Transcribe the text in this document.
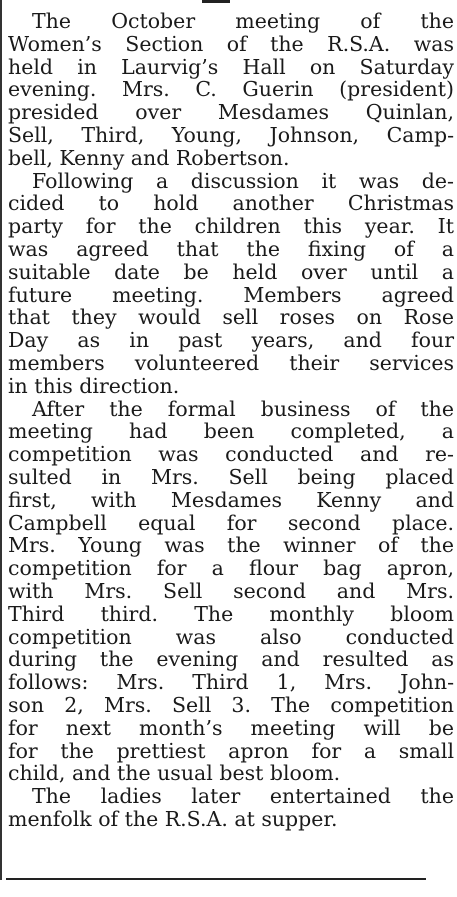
The October meeting of the
Women’s Section of the R.S.A. was
held in Laurvig’s Hall on Saturday
evening. Mrs. C. Guerin (president)
presided over Mesdames Quinlan,
Sell, Third, Young, Johnson, Camp-
bell, Kenny and Robertson.

Following a discussion it was de-
cided to hold another Christmas
party for the children this year. It
was agreed that the fixing of a
suitable date be held over until a
future meeting. Members agreed
that they would sell roses on Rose
Day as in past years, and four
members volunteered their services
in this direction.

After the formal business of the
meeting had been completed, a
competition was conducted and re-
sulted in Mrs. Sell being placed
first, with Mesdames Kenny and
Campbell equal for second place.
Mrs. Young was the winner of the
competition for a flour bag apron,
with Mrs. Sell second and Mrs.
Third third. The monthly bloom
competition was also conducted
during the evening and resulted as
follows: Mrs. Third 1, Mrs. John-
son 2, Mrs. Sell 3. The competition
for next month’s meeting will be
for the prettiest apron for a small
child, and the usual best bloom.

The ladies later entertained the
menfolk of the R.S.A. at supper.
